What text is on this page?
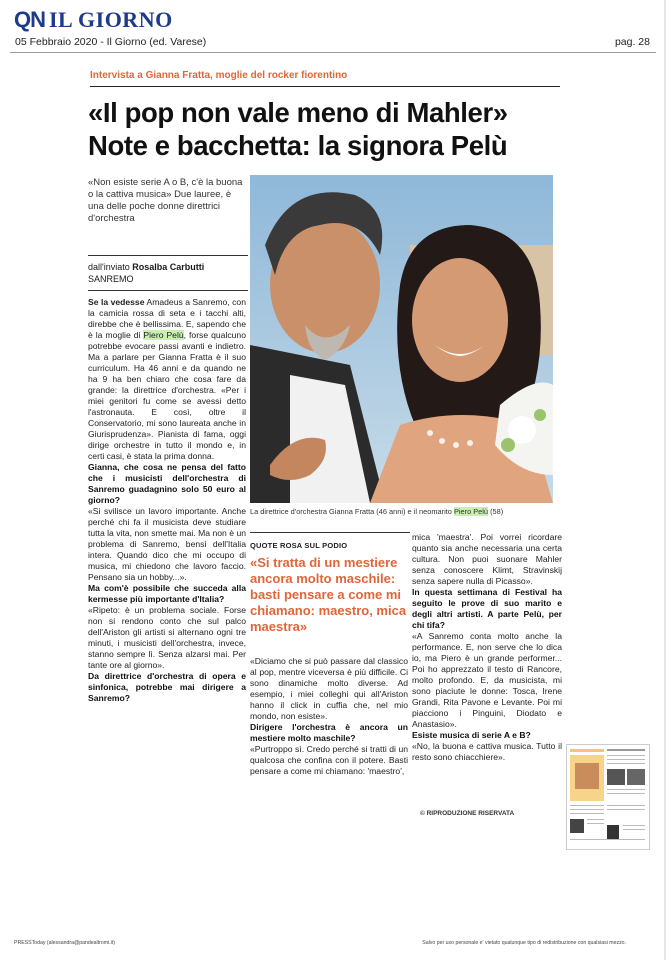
QN IL GIORNO
05 Febbraio 2020 - Il Giorno (ed. Varese)	pag. 28
Intervista a Gianna Fratta, moglie del rocker fiorentino
«Il pop non vale meno di Mahler»
Note e bacchetta: la signora Pelù
«Non esiste serie A o B, c'è la buona o la cattiva musica» Due lauree, è una delle poche donne direttrici d'orchestra
dall'inviato Rosalba Carbutti
SANREMO

Se la vedesse Amadeus a Sanremo, con la camicia rossa di seta e i tacchi alti, direbbe che è bellissima. E, sapendo che è la moglie di Piero Pelù, forse qualcuno potrebbe evocare passi avanti e indietro. Ma a parlare per Gianna Fratta è il suo curriculum. Ha 46 anni e da quando ne ha 9 ha ben chiaro che cosa fare da grande: la direttrice d'orchestra. «Per i miei genitori fu come se avessi detto l'astronauta. E così, oltre il Conservatorio, mi sono laureata anche in Giurisprudenza». Pianista di fama, oggi dirige orchestre in tutto il mondo e, in certi casi, è stata la prima donna.

Gianna, che cosa ne pensa del fatto che i musicisti dell'orchestra di Sanremo guadagnino solo 50 euro al giorno?

«Si svilisce un lavoro importante. Anche perché chi fa il musicista deve studiare tutta la vita, non smette mai. Ma non è un problema di Sanremo, bensì dell'Italia intera. Quando dico che mi occupo di musica, mi chiedono che lavoro faccio. Pensano sia un hobby...».

Ma com'è possibile che succeda alla kermesse più importante d'Italia?

«Ripeto: è un problema sociale. Forse non si rendono conto che sul palco dell'Ariston gli artisti si alternano ogni tre minuti, i musicisti dell'orchestra, invece, stanno sempre lì. Senza alzarsi mai. Per tante ore al giorno».

Da direttrice d'orchestra di opera e sinfonica, potrebbe mai dirigere a Sanremo?

La direttrice d'orchestra Gianna Fratta (46 anni) e il neomarito Piero Pelù (58)
QUOTE ROSA SUL PODIO
«Si tratta di un mestiere ancora molto maschile: basti pensare a come mi chiamano: maestro, mica maestra»

«Diciamo che si può passare dal classico al pop, mentre viceversa è più difficile. Ci sono dinamiche molto diverse. Ad esempio, i miei colleghi qui all'Ariston hanno il click in cuffia che, nel mio mondo, non esiste».

Dirigere l'orchestra è ancora un mestiere molto maschile?

«Purtroppo sì. Credo perché si tratti di un qualcosa che confina con il potere. Basti pensare a come mi chiamano: 'maestro',

mica 'maestra'. Poi vorrei ricordare quanto sia anche necessaria una certa cultura. Non puoi suonare Mahler senza conoscere Klimt, Stravinskij senza sapere nulla di Picasso».

In questa settimana di Festival ha seguito le prove di suo marito e degli altri artisti. A parte Pelù, per chi tifa?

«A Sanremo conta molto anche la performance. E, non serve che lo dica io, ma Piero è un grande performer... Poi ho apprezzato il testo di Rancore, molto profondo. E, da musicista, mi sono piaciute le donne: Tosca, Irene Grandi, Rita Pavone e Levante. Poi mi piacciono i Pinguini, Diodato e Anastasio».

Esiste musica di serie A e B?

«No, la buona e cattiva musica. Tutto il resto sono chiacchiere».

© RIPRODUZIONE RISERVATA
PRESSToday (alessandra@pandealtromi.it)	Salvo per uso personale e' vietato qualunque tipo di redistribuzione con qualsiasi mezzo.
